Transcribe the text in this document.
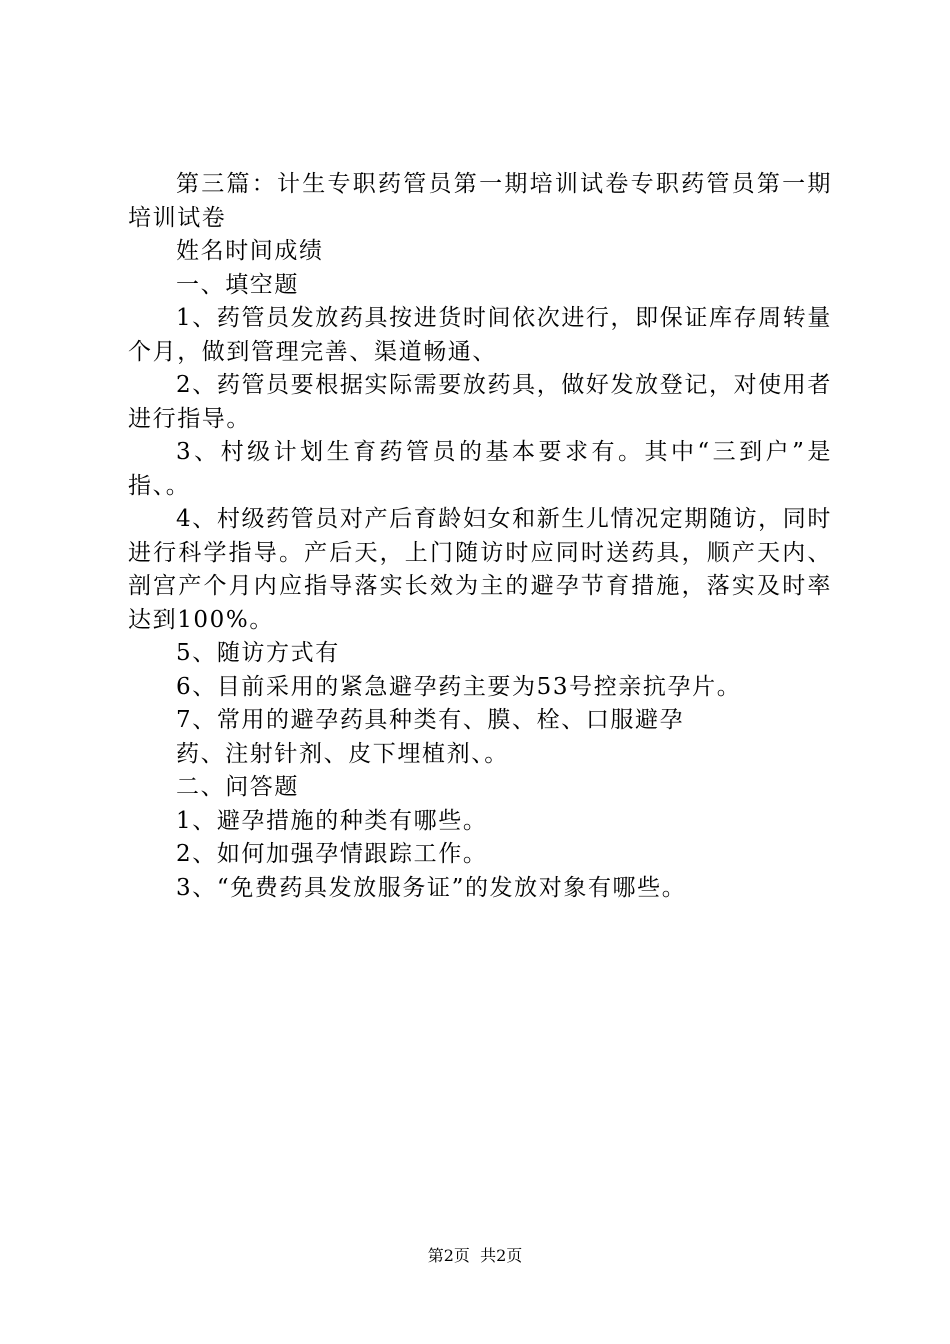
第三篇：计生专职药管员第一期培训试卷专职药管员第一期培训试卷

姓名时间成绩

一、填空题

1、药管员发放药具按进货时间依次进行，即保证库存周转量个月，做到管理完善、渠道畅通、

2、药管员要根据实际需要放药具，做好发放登记，对使用者进行指导。

3、村级计划生育药管员的基本要求有。其中“三到户”是指、。

4、村级药管员对产后育龄妇女和新生儿情况定期随访，同时进行科学指导。产后天，上门随访时应同时送药具，顺产天内、剖宫产个月内应指导落实长效为主的避孕节育措施，落实及时率达到100%。

5、随访方式有

6、目前采用的紧急避孕药主要为53号控亲抗孕片。

7、常用的避孕药具种类有、膜、栓、口服避孕

药、注射针剂、皮下埋植剂、。

二、问答题

1、避孕措施的种类有哪些。

2、如何加强孕情跟踪工作。

3、“免费药具发放服务证”的发放对象有哪些。

第2页  共2页
